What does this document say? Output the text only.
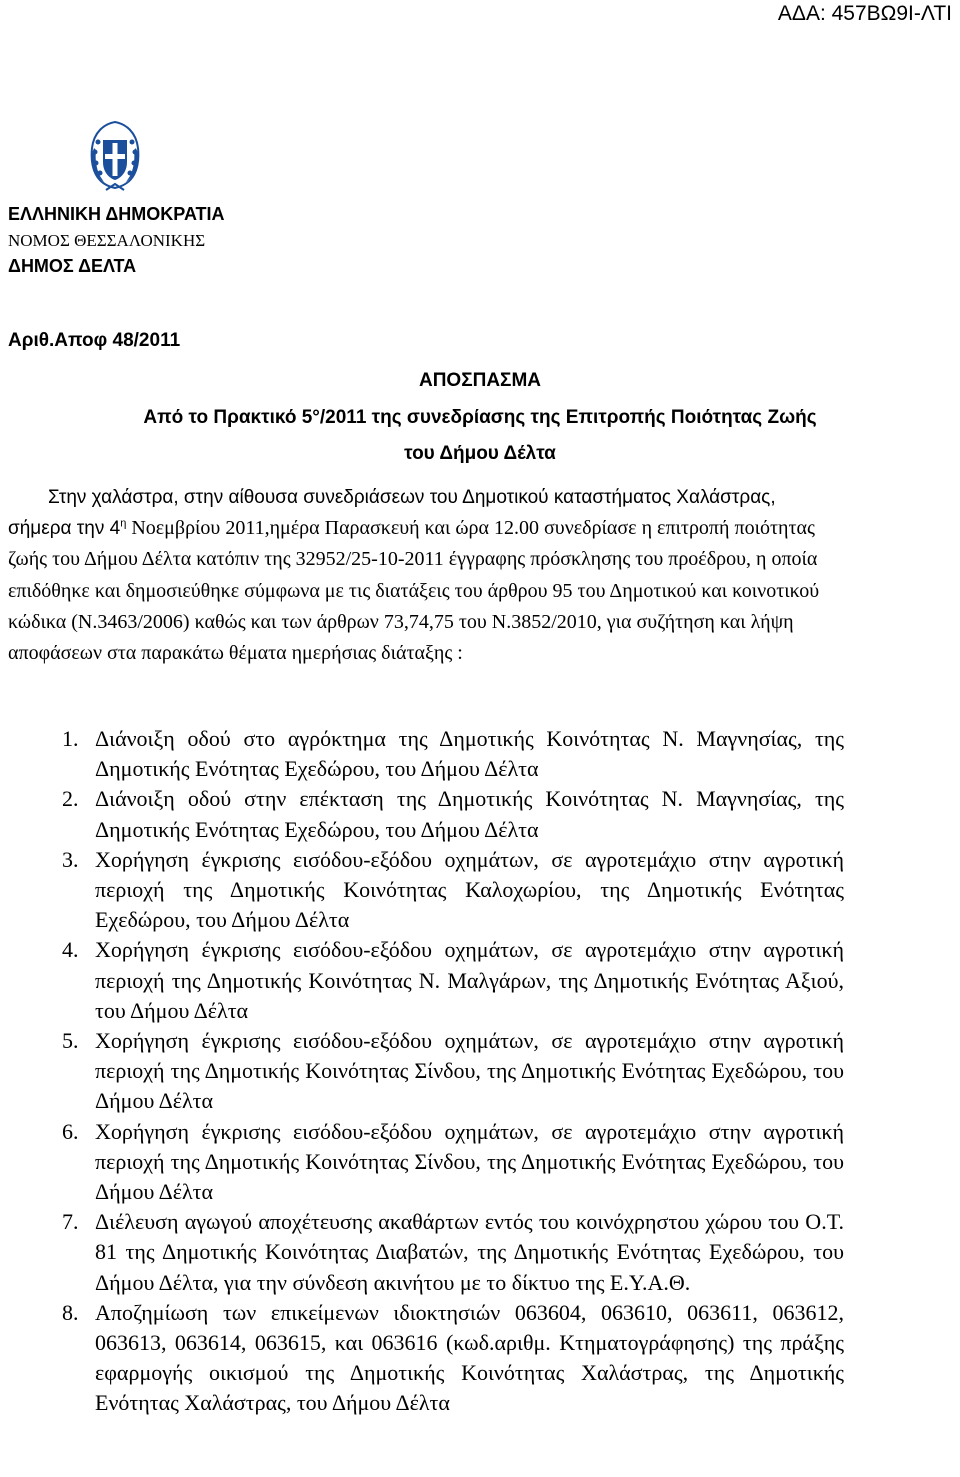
ΑΔΑ: 457ΒΩ9Ι-ΛΤΙ
ΕΛΛΗΝΙΚΗ ΔΗΜΟΚΡΑΤΙΑ
ΝΟΜΟΣ ΘΕΣΣΑΛΟΝΙΚΗΣ
ΔΗΜΟΣ ΔΕΛΤΑ
Αριθ.Αποφ 48/2011
ΑΠΟΣΠΑΣΜΑ
Από το Πρακτικό 5°/2011 της συνεδρίασης της Επιτροπής Ποιότητας Ζωής
του Δήμου Δέλτα

Στην χαλάστρα, στην αίθουσα συνεδριάσεων του Δημοτικού καταστήματος Χαλάστρας, σήμερα την $4^\eta$ Νοεμβρίου 2011,ημέρα Παρασκευή και ώρα 12.00 συνεδρίασε η επιτροπή ποιότητας ζωής του Δήμου Δέλτα κατόπιν της 32952/25-10-2011 έγγραφης πρόσκλησης του προέδρου, η οποία επιδόθηκε και δημοσιεύθηκε σύμφωνα με τις διατάξεις του άρθρου 95 του Δημοτικού και κοινοτικού κώδικα (Ν.3463/2006) καθώς και των άρθρων 73,74,75 του Ν.3852/2010, για συζήτηση και λήψη αποφάσεων στα παρακάτω θέματα ημερήσιας διάταξης :

1. Διάνοιξη οδού στο αγρόκτημα της Δημοτικής Κοινότητας Ν. Μαγνησίας, της Δημοτικής Ενότητας Εχεδώρου, του Δήμου Δέλτα
2. Διάνοιξη οδού στην επέκταση της Δημοτικής Κοινότητας Ν. Μαγνησίας, της Δημοτικής Ενότητας Εχεδώρου, του Δήμου Δέλτα
3. Χορήγηση έγκρισης εισόδου-εξόδου οχημάτων, σε αγροτεμάχιο στην αγροτική περιοχή της Δημοτικής Κοινότητας Καλοχωρίου, της Δημοτικής Ενότητας Εχεδώρου, του Δήμου Δέλτα
4. Χορήγηση έγκρισης εισόδου-εξόδου οχημάτων, σε αγροτεμάχιο στην αγροτική περιοχή της Δημοτικής Κοινότητας Ν. Μαλγάρων, της Δημοτικής Ενότητας Αξιού, του Δήμου Δέλτα
5. Χορήγηση έγκρισης εισόδου-εξόδου οχημάτων, σε αγροτεμάχιο στην αγροτική περιοχή της Δημοτικής Κοινότητας Σίνδου, της Δημοτικής Ενότητας Εχεδώρου, του Δήμου Δέλτα
6. Χορήγηση έγκρισης εισόδου-εξόδου οχημάτων, σε αγροτεμάχιο στην αγροτική περιοχή της Δημοτικής Κοινότητας Σίνδου, της Δημοτικής Ενότητας Εχεδώρου, του Δήμου Δέλτα
7. Διέλευση αγωγού αποχέτευσης ακαθάρτων εντός του κοινόχρηστου χώρου του Ο.Τ. 81 της Δημοτικής Κοινότητας Διαβατών, της Δημοτικής Ενότητας Εχεδώρου, του Δήμου Δέλτα, για την σύνδεση ακινήτου με το δίκτυο της Ε.Υ.Α.Θ.
8. Αποζημίωση των επικείμενων ιδιοκτησιών 063604, 063610, 063611, 063612, 063613, 063614, 063615, και 063616 (κωδ.αριθμ. Κτηματογράφησης) της πράξης εφαρμογής οικισμού της Δημοτικής Κοινότητας Χαλάστρας, της Δημοτικής Ενότητας Χαλάστρας, του Δήμου Δέλτα
